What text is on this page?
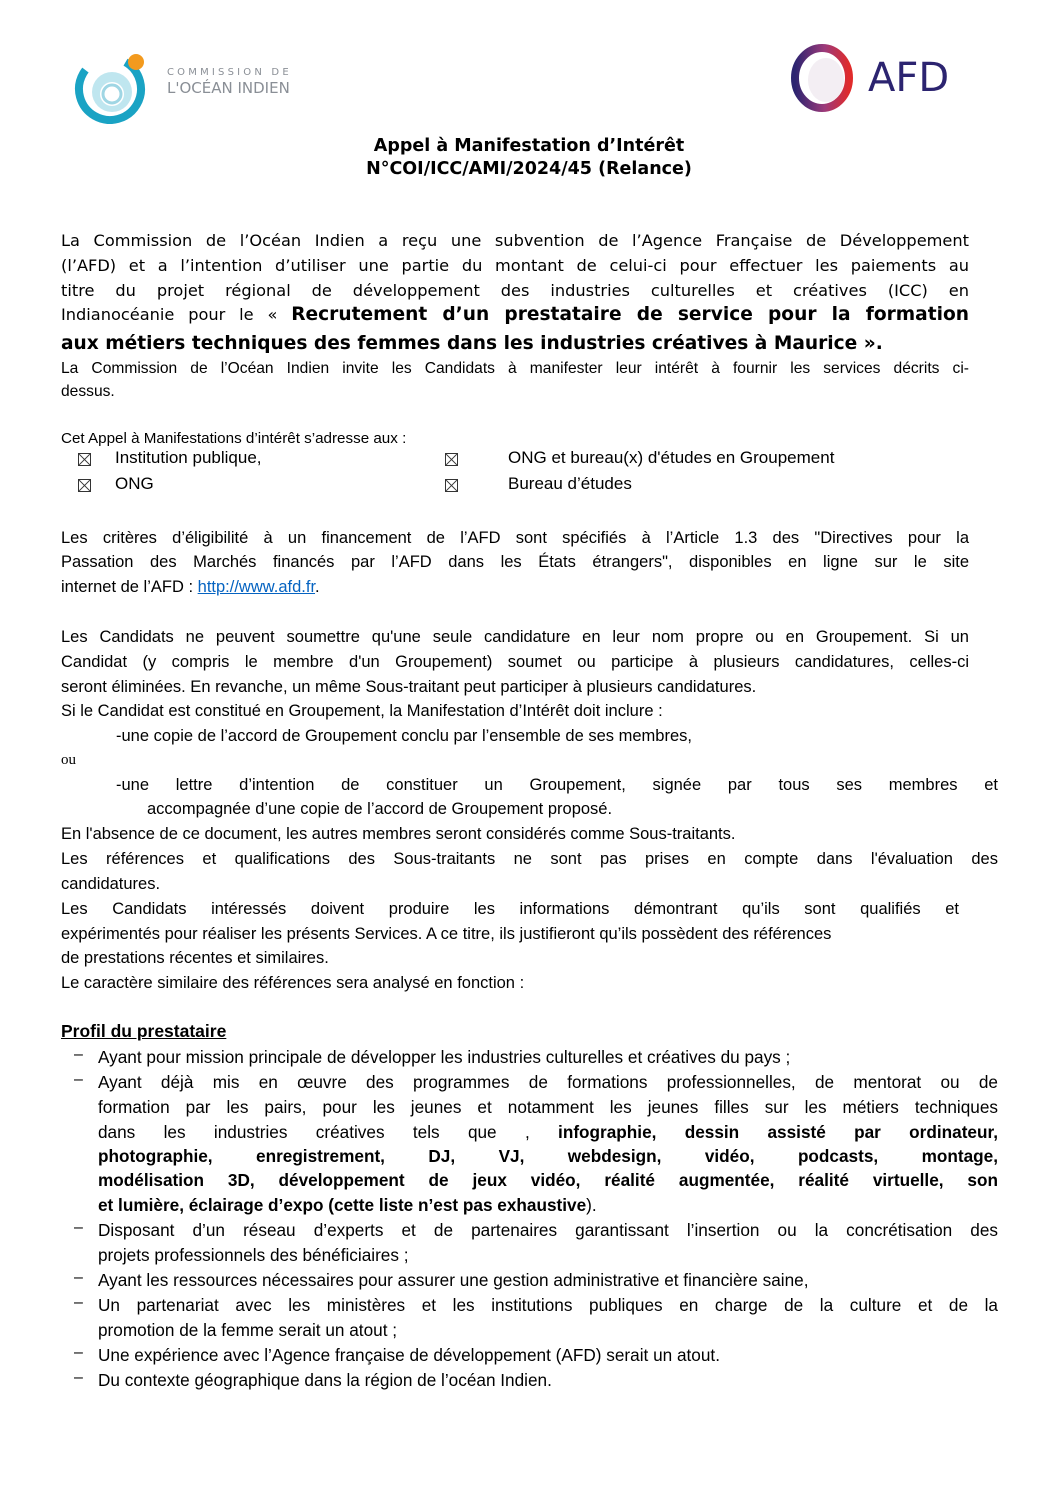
COMMISSION DE
L'OCÉAN INDIEN	AFD
Appel à Manifestation d’Intérêt
N°COI/ICC/AMI/2024/45 (Relance)
La Commission de l’Océan Indien a reçu une subvention de l’Agence Française de Développement
(l’AFD) et a l’intention d’utiliser une partie du montant de celui-ci pour effectuer les paiements au
titre du projet régional de développement des industries culturelles et créatives (ICC) en
Indianocéanie pour le « Recrutement d’un prestataire de service pour la formation
aux métiers techniques des femmes dans les industries créatives à Maurice ».
La Commission de l’Océan Indien invite les Candidats à manifester leur intérêt à fournir les services décrits ci-
dessus.
Cet Appel à Manifestations d’intérêt s’adresse aux :
Institution publique,	ONG et bureau(x) d'études en Groupement
ONG	Bureau d’études
Les critères d’éligibilité à un financement de l’AFD sont spécifiés à l’Article 1.3 des "Directives pour la
Passation des Marchés financés par l’AFD dans les États étrangers", disponibles en ligne sur le site
internet de l’AFD : http://www.afd.fr.
Les Candidats ne peuvent soumettre qu'une seule candidature en leur nom propre ou en Groupement. Si un
Candidat (y compris le membre d'un Groupement) soumet ou participe à plusieurs candidatures, celles-ci
seront éliminées. En revanche, un même Sous-traitant peut participer à plusieurs candidatures.
Si le Candidat est constitué en Groupement, la Manifestation d’Intérêt doit inclure :
-une copie de l’accord de Groupement conclu par l’ensemble de ses membres,
ou
-une lettre d’intention de constituer un Groupement, signée par tous ses membres et
accompagnée d’une copie de l’accord de Groupement proposé.
En l'absence de ce document, les autres membres seront considérés comme Sous-traitants.
Les références et qualifications des Sous-traitants ne sont pas prises en compte dans l'évaluation des
candidatures.
Les Candidats intéressés doivent produire les informations démontrant qu’ils sont qualifiés et
expérimentés pour réaliser les présents Services. A ce titre, ils justifieront qu’ils possèdent des références
de prestations récentes et similaires.
Le caractère similaire des références sera analysé en fonction :
Profil du prestataire
– Ayant pour mission principale de développer les industries culturelles et créatives du pays ;
– Ayant déjà mis en œuvre des programmes de formations professionnelles, de mentorat ou de
formation par les pairs, pour les jeunes et notamment les jeunes filles sur les métiers techniques
dans les industries créatives tels que , infographie, dessin assisté par ordinateur,
photographie, enregistrement, DJ, VJ, webdesign, vidéo, podcasts, montage,
modélisation 3D, développement de jeux vidéo, réalité augmentée, réalité virtuelle, son
et lumière, éclairage d’expo (cette liste n’est pas exhaustive).
– Disposant d’un réseau d’experts et de partenaires garantissant l’insertion ou la concrétisation des
projets professionnels des bénéficiaires ;
– Ayant les ressources nécessaires pour assurer une gestion administrative et financière saine,
– Un partenariat avec les ministères et les institutions publiques en charge de la culture et de la
promotion de la femme serait un atout ;
– Une expérience avec l’Agence française de développement (AFD) serait un atout.
– Du contexte géographique dans la région de l’océan Indien.
